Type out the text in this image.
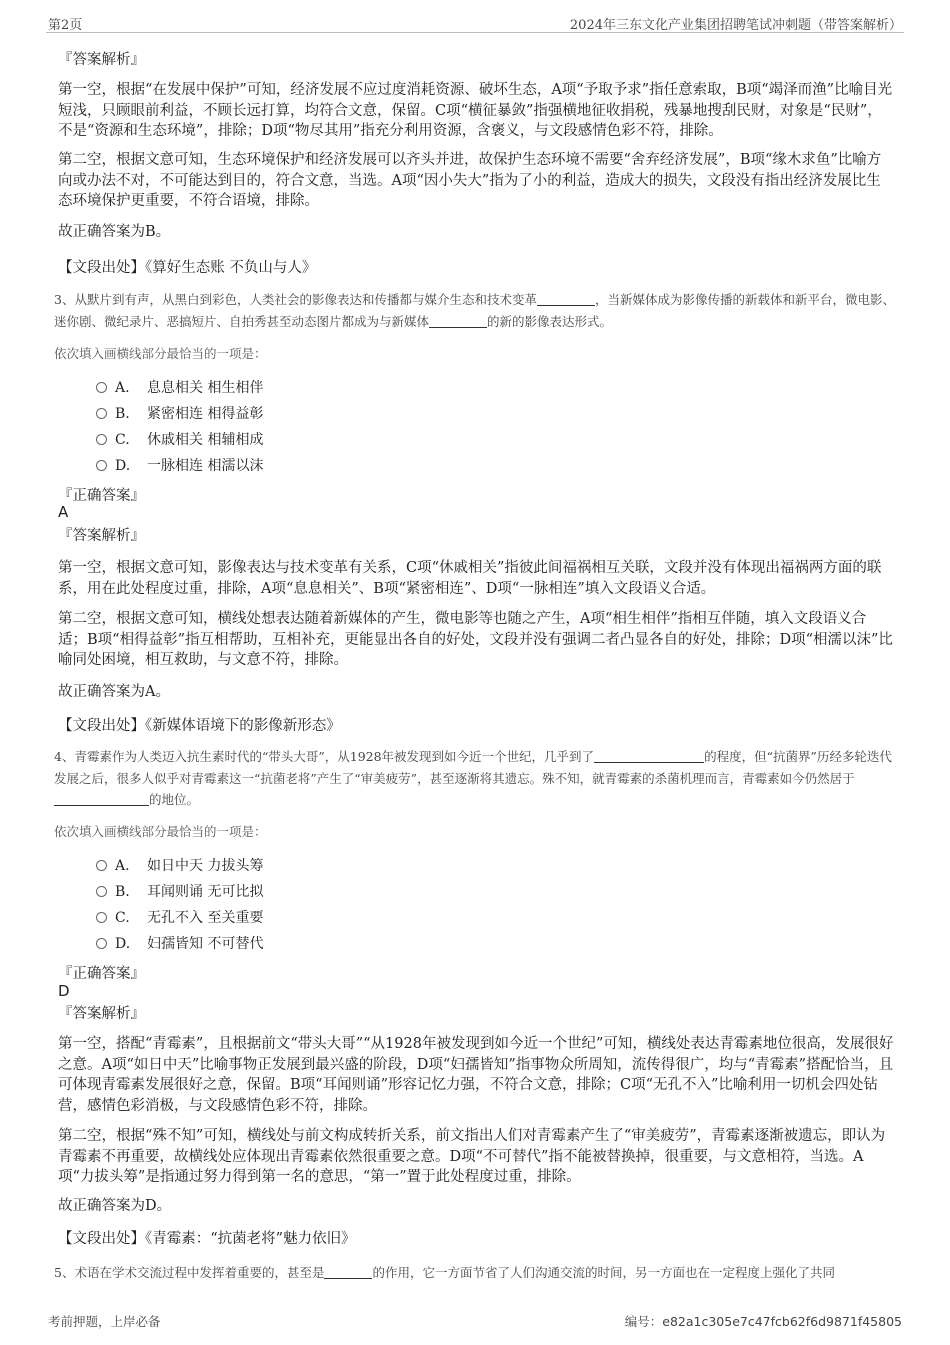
第2页	2024年三东文化产业集团招聘笔试冲刺题（带答案解析）
『答案解析』
第一空，根据“在发展中保护”可知，经济发展不应过度消耗资源、破坏生态，A项“予取予求”指任意索取，B项“竭泽而渔”比喻目光短浅，只顾眼前利益，不顾长远打算，均符合文意，保留。C项“横征暴敛”指强横地征收捐税，残暴地搜刮民财，对象是“民财”，不是“资源和生态环境”，排除；D项“物尽其用”指充分利用资源，含褒义，与文段感情色彩不符，排除。
第二空，根据文意可知，生态环境保护和经济发展可以齐头并进，故保护生态环境不需要“舍弃经济发展”，B项“缘木求鱼”比喻方向或办法不对，不可能达到目的，符合文意，当选。A项“因小失大”指为了小的利益，造成大的损失，文段没有指出经济发展比生态环境保护更重要，不符合语境，排除。
故正确答案为B。
【文段出处】《算好生态账 不负山与人》
3、从默片到有声，从黑白到彩色，人类社会的影像表达和传播都与媒介生态和技术变革	，当新媒体成为影像传播的新载体和新平台，微电影、迷你剧、微纪录片、恶搞短片、自拍秀甚至动态图片都成为与新媒体	的新的影像表达形式。
依次填入画横线部分最恰当的一项是：
A. 息息相关 相生相伴
B. 紧密相连 相得益彰
C. 休戚相关 相辅相成
D. 一脉相连 相濡以沫
『正确答案』
A
『答案解析』
第一空，根据文意可知，影像表达与技术变革有关系，C项“休戚相关”指彼此间福祸相互关联，文段并没有体现出福祸两方面的联系，用在此处程度过重，排除，A项“息息相关”、B项“紧密相连”、D项“一脉相连”填入文段语义合适。
第二空，根据文意可知，横线处想表达随着新媒体的产生，微电影等也随之产生，A项“相生相伴”指相互伴随，填入文段语义合适；B项“相得益彰”指互相帮助，互相补充，更能显出各自的好处，文段并没有强调二者凸显各自的好处，排除；D项“相濡以沫”比喻同处困境，相互救助，与文意不符，排除。
故正确答案为A。
【文段出处】《新媒体语境下的影像新形态》
4、青霉素作为人类迈入抗生素时代的“带头大哥”，从1928年被发现到如今近一个世纪，几乎到了	的程度，但“抗菌界”历经多轮迭代发展之后，很多人似乎对青霉素这一“抗菌老将”产生了“审美疲劳”，甚至逐渐将其遗忘。殊不知，就青霉素的杀菌机理而言，青霉素如今仍然居于的地位。
依次填入画横线部分最恰当的一项是：
A. 如日中天 力拔头筹
B. 耳闻则诵 无可比拟
C. 无孔不入 至关重要
D. 妇孺皆知 不可替代
『正确答案』
D
『答案解析』
第一空，搭配“青霉素”，且根据前文“带头大哥”“从1928年被发现到如今近一个世纪”可知，横线处表达青霉素地位很高，发展很好之意。A项“如日中天”比喻事物正发展到最兴盛的阶段，D项“妇孺皆知”指事物众所周知，流传得很广，均与“青霉素”搭配恰当，且可体现青霉素发展很好之意，保留。B项“耳闻则诵”形容记忆力强，不符合文意，排除；C项“无孔不入”比喻利用一切机会四处钻营，感情色彩消极，与文段感情色彩不符，排除。
第二空，根据“殊不知”可知，横线处与前文构成转折关系，前文指出人们对青霉素产生了“审美疲劳”，青霉素逐渐被遗忘，即认为青霉素不再重要，故横线处应体现出青霉素依然很重要之意。D项“不可替代”指不能被替换掉，很重要，与文意相符，当选。A项“力拔头筹”是指通过努力得到第一名的意思，“第一”置于此处程度过重，排除。
故正确答案为D。
【文段出处】《青霉素：“抗菌老将”魅力依旧》
5、术语在学术交流过程中发挥着重要的，甚至是	的作用，它一方面节省了人们沟通交流的时间，另一方面也在一定程度上强化了共同
考前押题，上岸必备	编号：e82a1c305e7c47fcb62f6d9871f45805
